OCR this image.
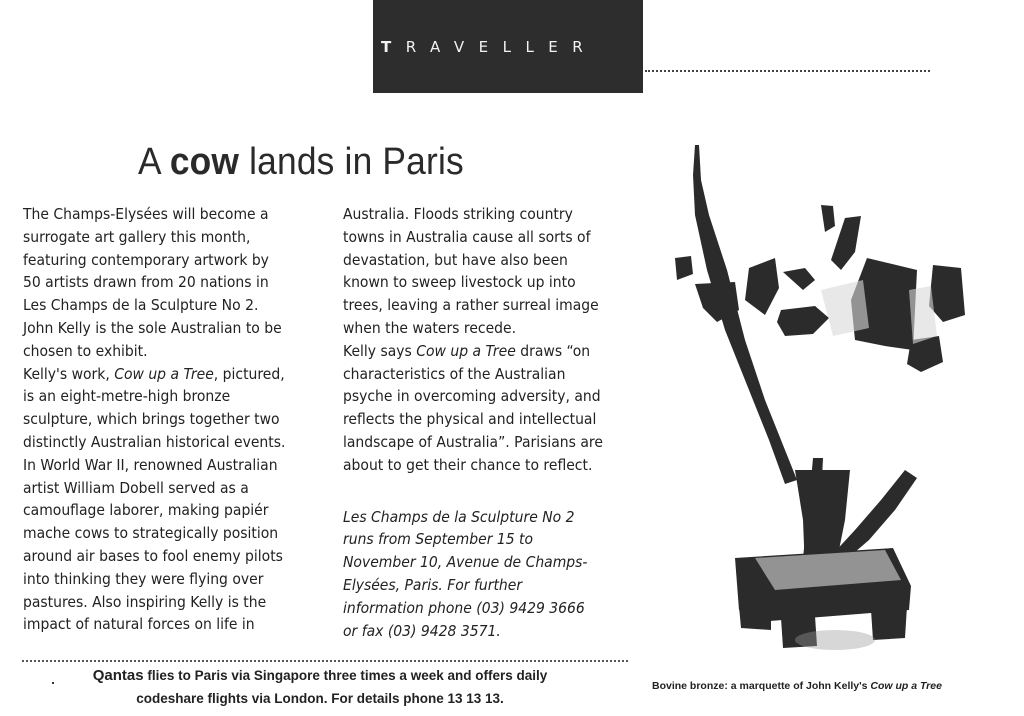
TRAVELLER
A cow lands in Paris

The Champs-Elysées will become a

surrogate art gallery this month,

featuring contemporary artwork by

50 artists drawn from 20 nations in

Les Champs de la Sculpture No 2.

John Kelly is the sole Australian to be

chosen to exhibit.

Kelly's work, Cow up a Tree, pictured,

is an eight-metre-high bronze

sculpture, which brings together two

distinctly Australian historical events.

In World War II, renowned Australian

artist William Dobell served as a

camouflage laborer, making papiér

mache cows to strategically position

around air bases to fool enemy pilots

into thinking they were flying over

pastures. Also inspiring Kelly is the

impact of natural forces on life in

Australia. Floods striking country

towns in Australia cause all sorts of

devastation, but have also been

known to sweep livestock up into

trees, leaving a rather surreal image

when the waters recede.

Kelly says Cow up a Tree draws “on

characteristics of the Australian

psyche in overcoming adversity, and

reflects the physical and intellectual

landscape of Australia”. Parisians are

about to get their chance to reflect.

Les Champs de la Sculpture No 2

runs from September 15 to

November 10, Avenue de Champs-

Elysées, Paris. For further

information phone (03) 9429 3666

or fax (03) 9428 3571.

Qantas flies to Paris via Singapore three times a week and offers daily
codeshare flights via London. For details phone 13 13 13.
Bovine bronze: a marquette of John Kelly's Cow up a Tree
